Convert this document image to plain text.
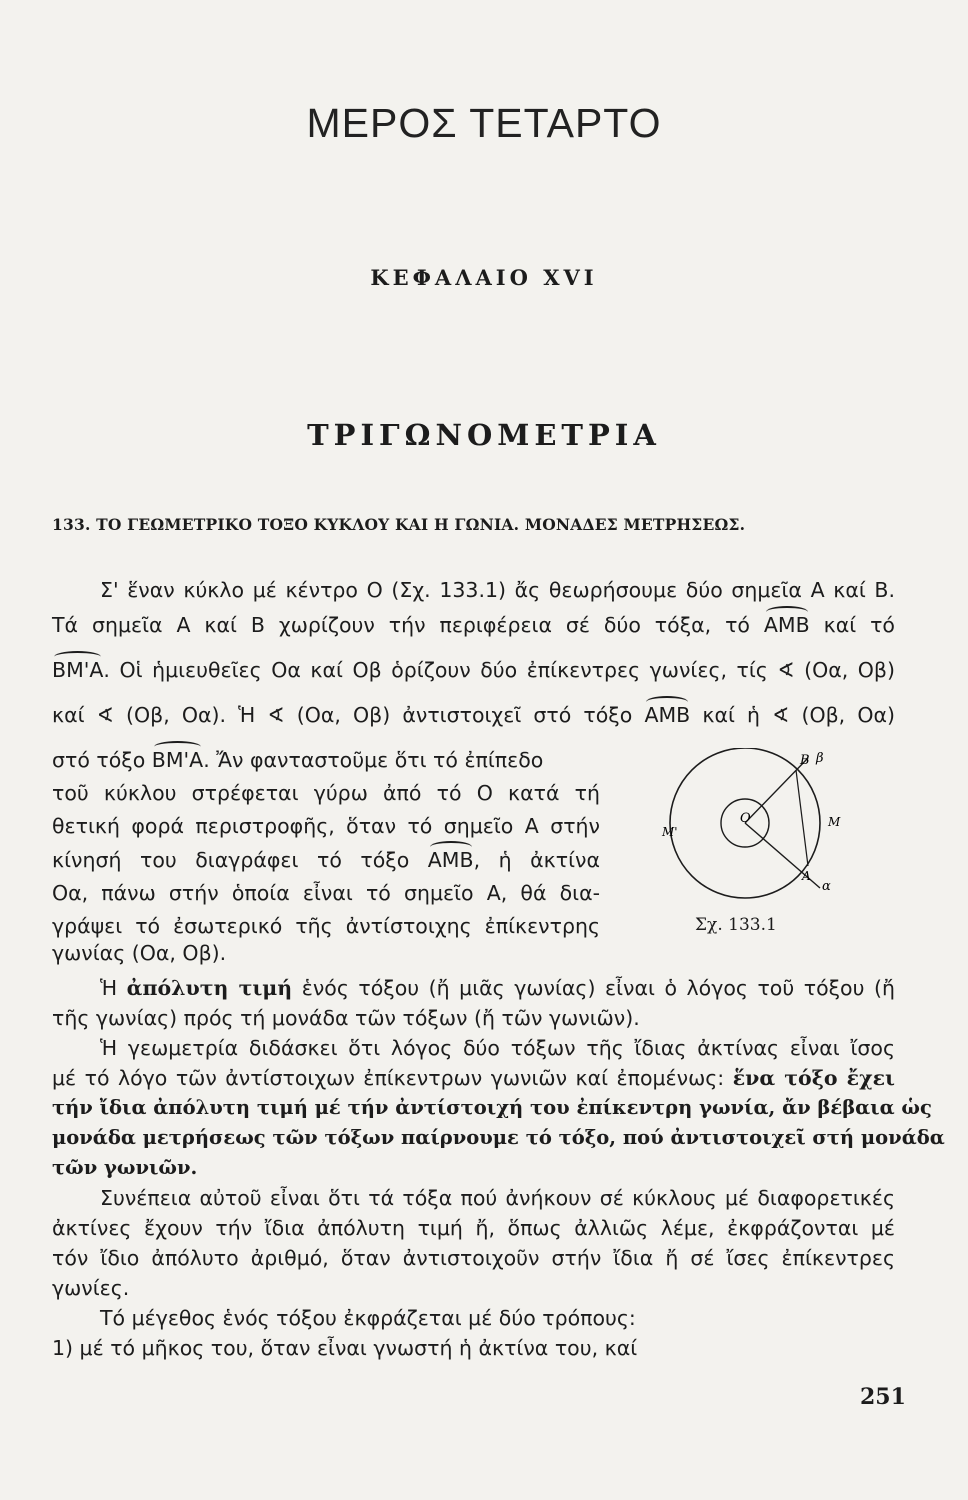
ΜΕΡΟΣ ΤΕΤΑΡΤΟ
ΚΕΦΑΛΑΙΟ XVI
ΤΡΙΓΩΝΟΜΕΤΡΙΑ
133. ΤΟ ΓΕΩΜΕΤΡΙΚΟ ΤΟΞΟ ΚΥΚΛΟΥ ΚΑΙ Η ΓΩΝΙΑ. ΜΟΝΑΔΕΣ ΜΕΤΡΗΣΕΩΣ.
Σ' ἕναν κύκλο μέ κέντρο Ο (Σχ. 133.1) ἄς θεωρήσουμε δύο σημεῖα Α καί Β.
Τά σημεῖα Α καί Β χωρίζουν τήν περιφέρεια σέ δύο τόξα, τό ΑΜΒ καί τό
ΒΜ'Α. Οἱ ἡμιευθεῖες Οα καί Οβ ὁρίζουν δύο ἐπίκεντρες γωνίες, τίς ∢ (Οα, Οβ)
καί ∢ (Οβ, Οα). Ἡ ∢ (Οα, Οβ) ἀντιστοιχεῖ στό τόξο ΑΜΒ καί ἡ ∢ (Οβ, Οα)
στό τόξο ΒΜ'Α. Ἄν φανταστοῦμε ὅτι τό ἐπίπεδο
τοῦ κύκλου στρέφεται γύρω ἀπό τό Ο κατά τή
θετική φορά περιστροφῆς, ὅταν τό σημεῖο Α στήν
κίνησή του διαγράφει τό τόξο ΑΜΒ, ἡ ἀκτίνα
Οα, πάνω στήν ὁποία εἶναι τό σημεῖο Α, θά δια-
γράψει τό ἐσωτερικό τῆς ἀντίστοιχης ἐπίκεντρης
γωνίας (Οα, Οβ).
Β β
Ο	Μ
Μ'
Α
α
Σχ. 133.1
Ἡ ἀπόλυτη τιμή ἑνός τόξου (ἤ μιᾶς γωνίας) εἶναι ὁ λόγος τοῦ τόξου (ἤ
τῆς γωνίας) πρός τή μονάδα τῶν τόξων (ἤ τῶν γωνιῶν).
Ἡ γεωμετρία διδάσκει ὅτι λόγος δύο τόξων τῆς ἴδιας ἀκτίνας εἶναι ἴσος
μέ τό λόγο τῶν ἀντίστοιχων ἐπίκεντρων γωνιῶν καί ἐπομένως: ἕνα τόξο ἔχει
τήν ἴδια ἀπόλυτη τιμή μέ τήν ἀντίστοιχή του ἐπίκεντρη γωνία, ἄν βέβαια ὡς
μονάδα μετρήσεως τῶν τόξων παίρνουμε τό τόξο, πού ἀντιστοιχεῖ στή μονάδα
τῶν γωνιῶν.
Συνέπεια αὐτοῦ εἶναι ὅτι τά τόξα πού ἀνήκουν σέ κύκλους μέ διαφορετικές
ἀκτίνες ἔχουν τήν ἴδια ἀπόλυτη τιμή ἤ, ὅπως ἀλλιῶς λέμε, ἐκφράζονται μέ
τόν ἴδιο ἀπόλυτο ἀριθμό, ὅταν ἀντιστοιχοῦν στήν ἴδια ἤ σέ ἴσες ἐπίκεντρες
γωνίες.
Τό μέγεθος ἑνός τόξου ἐκφράζεται μέ δύο τρόπους:
1) μέ τό μῆκος του, ὅταν εἶναι γνωστή ἡ ἀκτίνα του, καί
251
